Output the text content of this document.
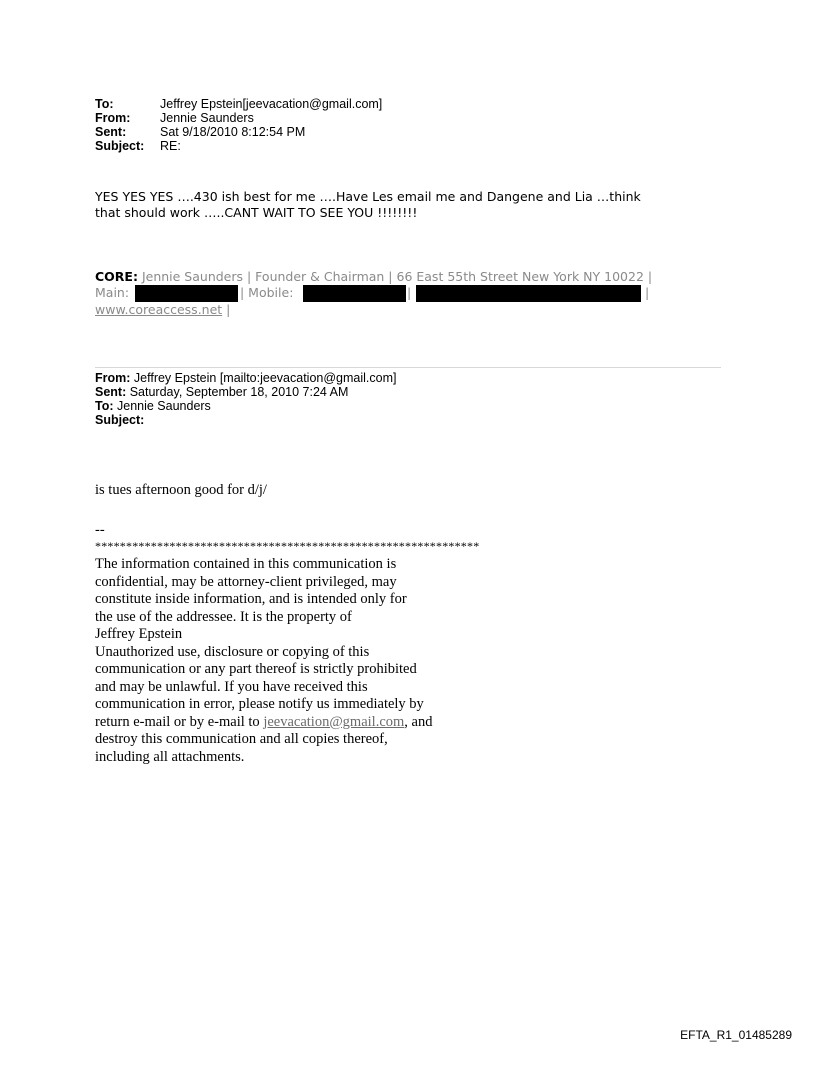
To:	Jeffrey Epstein[jeevacation@gmail.com]
From: Jennie Saunders
Sent:	Sat 9/18/2010 8:12:54 PM
Subject: RE:
YES YES YES ….430 ish best for me ….Have Les email me and Dangene and Lia …think
that should work …..CANT WAIT TO SEE YOU !!!!!!!!
CORE: Jennie Saunders | Founder & Chairman | 66 East 55th Street New York NY 10022 |
Main:	| Mobile:	|	|
www.coreaccess.net |
From: Jeffrey Epstein [mailto:jeevacation@gmail.com]
Sent: Saturday, September 18, 2010 7:24 AM
To: Jennie Saunders
Subject:
is tues afternoon good for d/j/
--
**************************************************************
The information contained in this communication is
confidential, may be attorney-client privileged, may
constitute inside information, and is intended only for
the use of the addressee. It is the property of
Jeffrey Epstein
Unauthorized use, disclosure or copying of this
communication or any part thereof is strictly prohibited
and may be unlawful. If you have received this
communication in error, please notify us immediately by
return e-mail or by e-mail to jeevacation@gmail.com, and
destroy this communication and all copies thereof,
including all attachments.
EFTA_R1_01485289
